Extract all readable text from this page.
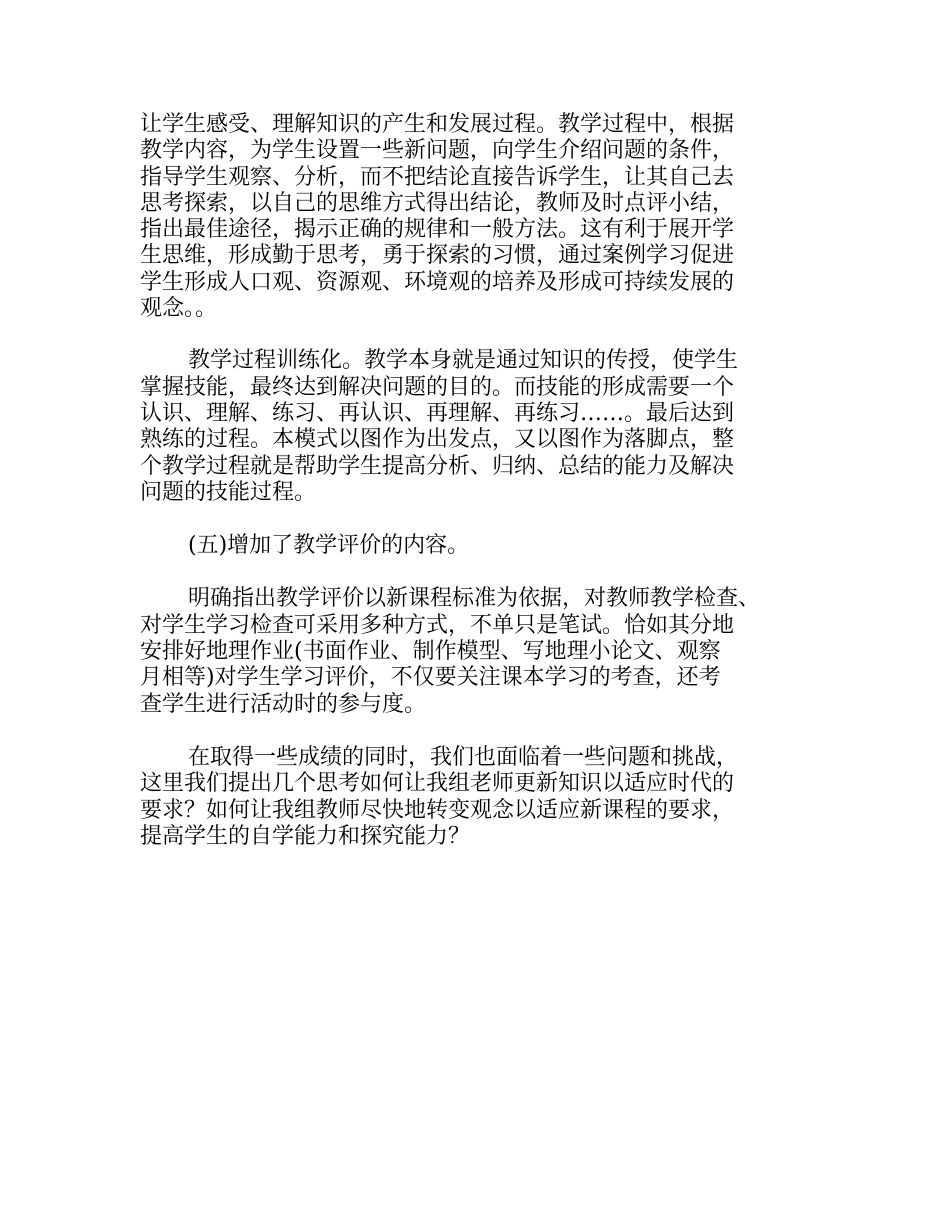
让学生感受、理解知识的产生和发展过程。教学过程中，根据
教学内容，为学生设置一些新问题，向学生介绍问题的条件，
指导学生观察、分析，而不把结论直接告诉学生，让其自己去
思考探索，以自己的思维方式得出结论，教师及时点评小结，
指出最佳途径，揭示正确的规律和一般方法。这有利于展开学
生思维，形成勤于思考，勇于探索的习惯，通过案例学习促进
学生形成人口观、资源观、环境观的培养及形成可持续发展的
观念。。
教学过程训练化。教学本身就是通过知识的传授，使学生
掌握技能，最终达到解决问题的目的。而技能的形成需要一个
认识、理解、练习、再认识、再理解、再练习……。最后达到
熟练的过程。本模式以图作为出发点，又以图作为落脚点，整
个教学过程就是帮助学生提高分析、归纳、总结的能力及解决
问题的技能过程。
(五)增加了教学评价的内容。
明确指出教学评价以新课程标准为依据，对教师教学检查、
对学生学习检查可采用多种方式，不单只是笔试。恰如其分地
安排好地理作业(书面作业、制作模型、写地理小论文、观察
月相等)对学生学习评价，不仅要关注课本学习的考查，还考
查学生进行活动时的参与度。
在取得一些成绩的同时，我们也面临着一些问题和挑战，
这里我们提出几个思考如何让我组老师更新知识以适应时代的
要求？如何让我组教师尽快地转变观念以适应新课程的要求，
提高学生的自学能力和探究能力？
